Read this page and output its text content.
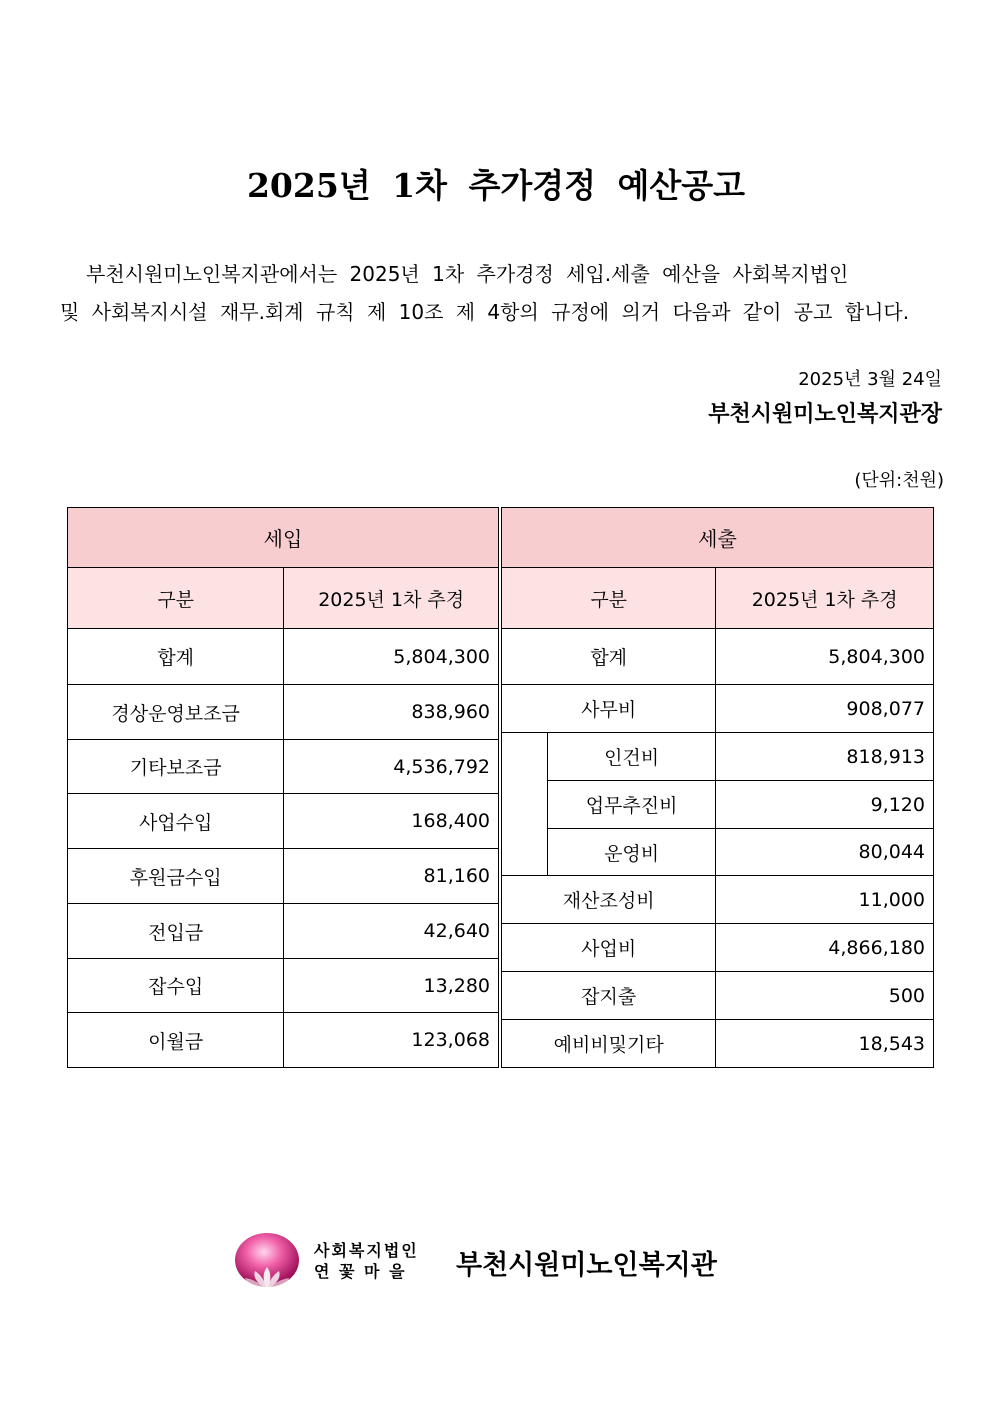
2025년 1차 추가경정 예산공고
부천시원미노인복지관에서는 2025년 1차 추가경정 세입.세출 예산을 사회복지법인
및 사회복지시설 재무.회계 규칙 제 10조 제 4항의 규정에 의거 다음과 같이 공고 합니다.
2025년 3월 24일
부천시원미노인복지관장
(단위:천원)
세입	
구분	2025년 1차 추경
합계	5,804,300
경상운영보조금	838,960
기타보조금	4,536,792
사업수입	168,400
후원금수입	81,160
전입금	42,640
잡수입	13,280
이월금	123,068
세출		
구분		2025년 1차 추경
합계		5,804,300
사무비		908,077
	인건비	818,913
	업무추진비	9,120
	운영비	80,044
재산조성비		11,000
사업비		4,866,180
잡지출		500
예비비및기타		18,543
사회복지법인
연 꽃 마 을 부천시원미노인복지관
